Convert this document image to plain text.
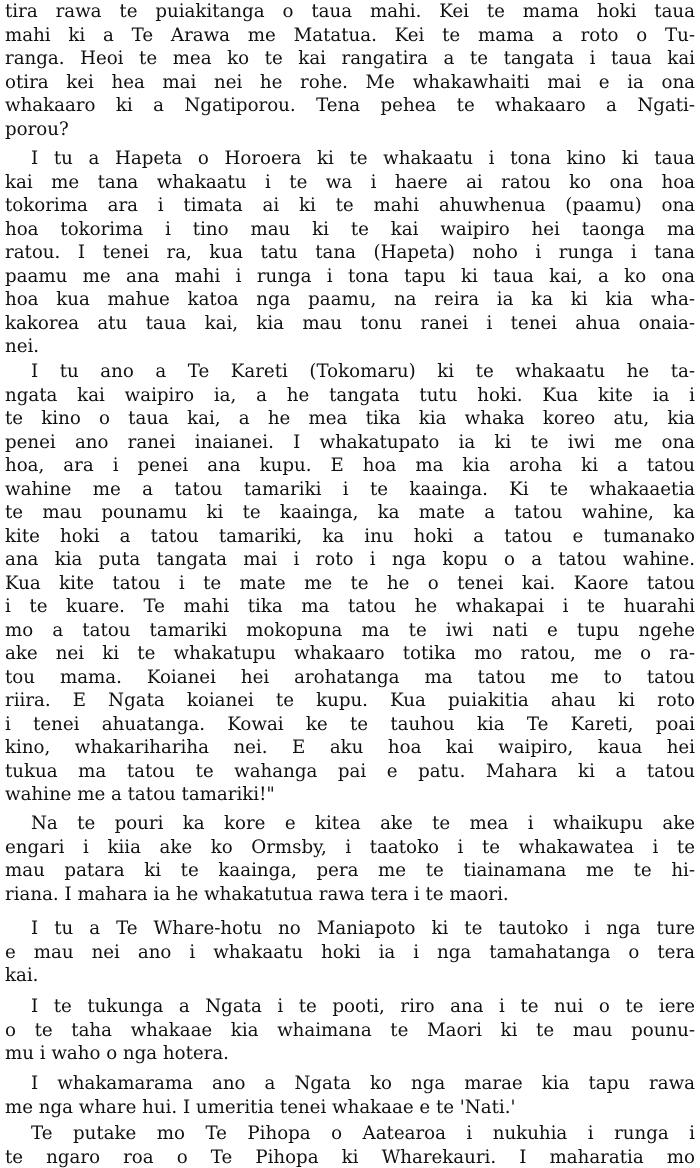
tira rawa te puiakitanga o taua mahi. Kei te mama hoki taua
mahi ki a Te Arawa me Matatua. Kei te mama a roto o Tu-
ranga. Heoi te mea ko te kai rangatira a te tangata i taua kai
otira kei hea mai nei he rohe. Me whakawhaiti mai e ia ona
whakaaro ki a Ngatiporou. Tena pehea te whakaaro a Ngati-
porou?
I tu a Hapeta o Horoera ki te whakaatu i tona kino ki taua
kai me tana whakaatu i te wa i haere ai ratou ko ona hoa
tokorima ara i timata ai ki te mahi ahuwhenua (paamu) ona
hoa tokorima i tino mau ki te kai waipiro hei taonga ma
ratou. I tenei ra, kua tatu tana (Hapeta) noho i runga i tana
paamu me ana mahi i runga i tona tapu ki taua kai, a ko ona
hoa kua mahue katoa nga paamu, na reira ia ka ki kia wha-
kakorea atu taua kai, kia mau tonu ranei i tenei ahua onaia-
nei.
I tu ano a Te Kareti (Tokomaru) ki te whakaatu he ta-
ngata kai waipiro ia, a he tangata tutu hoki. Kua kite ia i
te kino o taua kai, a he mea tika kia whaka koreo atu, kia
penei ano ranei inaianei. I whakatupato ia ki te iwi me ona
hoa, ara i penei ana kupu. E hoa ma kia aroha ki a tatou
wahine me a tatou tamariki i te kaainga. Ki te whakaaetia
te mau pounamu ki te kaainga, ka mate a tatou wahine, ka
kite hoki a tatou tamariki, ka inu hoki a tatou e tumanako
ana kia puta tangata mai i roto i nga kopu o a tatou wahine.
Kua kite tatou i te mate me te he o tenei kai. Kaore tatou
i te kuare. Te mahi tika ma tatou he whakapai i te huarahi
mo a tatou tamariki mokopuna ma te iwi nati e tupu ngehe
ake nei ki te whakatupu whakaaro totika mo ratou, me o ra-
tou mama. Koianei hei arohatanga ma tatou me to tatou
riira. E Ngata koianei te kupu. Kua puiakitia ahau ki roto
i tenei ahuatanga. Kowai ke te tauhou kia Te Kareti, poai
kino, whakarihariha nei. E aku hoa kai waipiro, kaua hei
tukua ma tatou te wahanga pai e patu. Mahara ki a tatou
wahine me a tatou tamariki!"
Na te pouri ka kore e kitea ake te mea i whaikupu ake
engari i kiia ake ko Ormsby, i taatoko i te whakawatea i te
mau patara ki te kaainga, pera me te tiainamana me te hi-
riana. I mahara ia he whakatutua rawa tera i te maori.
I tu a Te Whare-hotu no Maniapoto ki te tautoko i nga ture
e mau nei ano i whakaatu hoki ia i nga tamahatanga o tera
kai.
I te tukunga a Ngata i te pooti, riro ana i te nui o te iere
o te taha whakaae kia whaimana te Maori ki te mau pounu-
mu i waho o nga hotera.
I whakamarama ano a Ngata ko nga marae kia tapu rawa
me nga whare hui. I umeritia tenei whakaae e te 'Nati.'
Te putake mo Te Pihopa o Aatearoa i nukuhia i runga i
te ngaro roa o Te Pihopa ki Wharekauri. I maharatia mo
